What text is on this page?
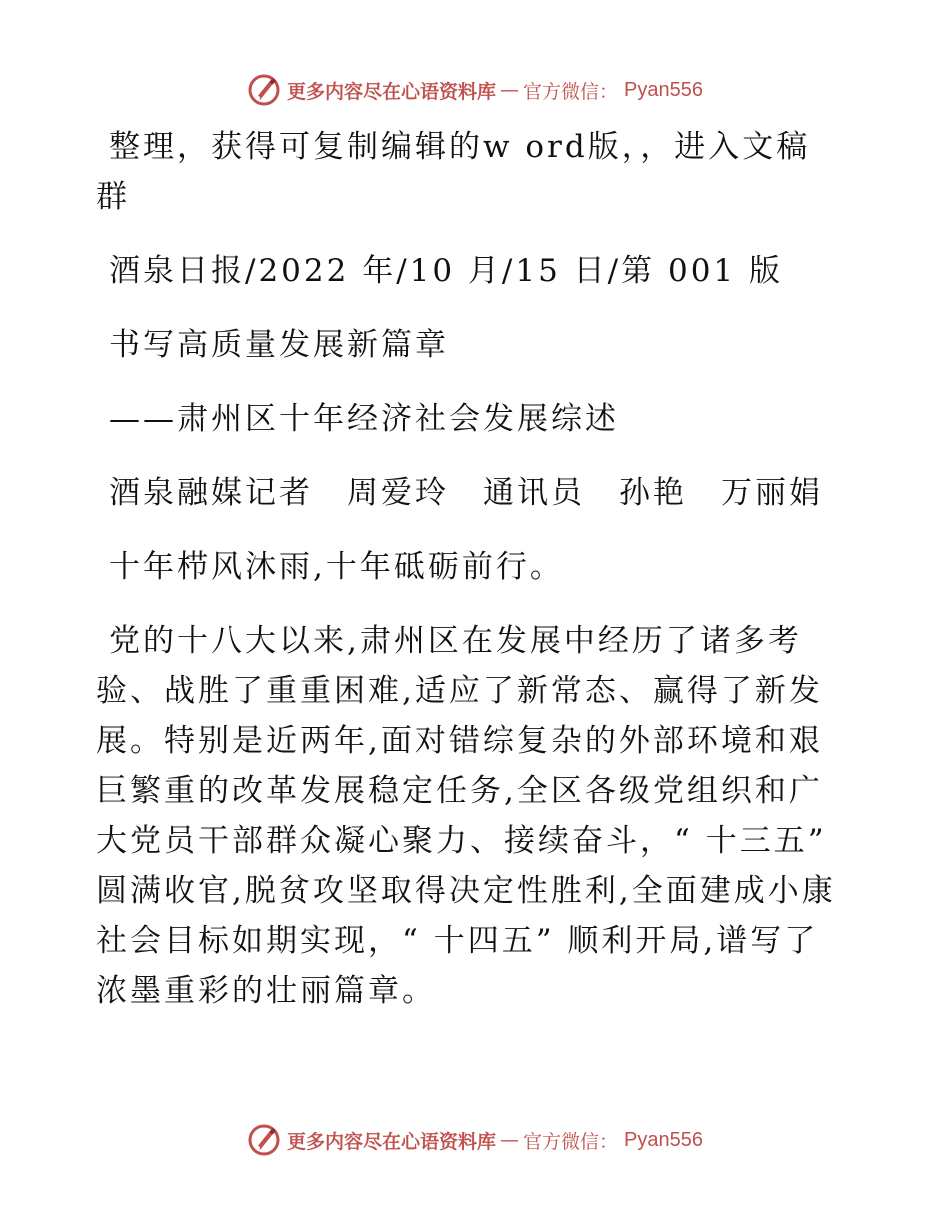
更多内容尽在心语资料库 — 官方微信： Pyan556
整理，获得可复制编辑的w ord版，，进入文稿
群
酒泉日报/2022 年/10 月/15 日/第 001 版
书写高质量发展新篇章
——肃州区十年经济社会发展综述
酒泉融媒记者　周爱玲　通讯员　孙艳　万丽娟
十年栉风沐雨,十年砥砺前行。
党的十八大以来,肃州区在发展中经历了诸多考
验、战胜了重重困难,适应了新常态、赢得了新发
展。特别是近两年,面对错综复杂的外部环境和艰
巨繁重的改革发展稳定任务,全区各级党组织和广
大党员干部群众凝心聚力、接续奋斗，“ 十三五”
圆满收官,脱贫攻坚取得决定性胜利,全面建成小康
社会目标如期实现，“ 十四五” 顺利开局,谱写了
浓墨重彩的壮丽篇章。
更多内容尽在心语资料库 — 官方微信： Pyan556
